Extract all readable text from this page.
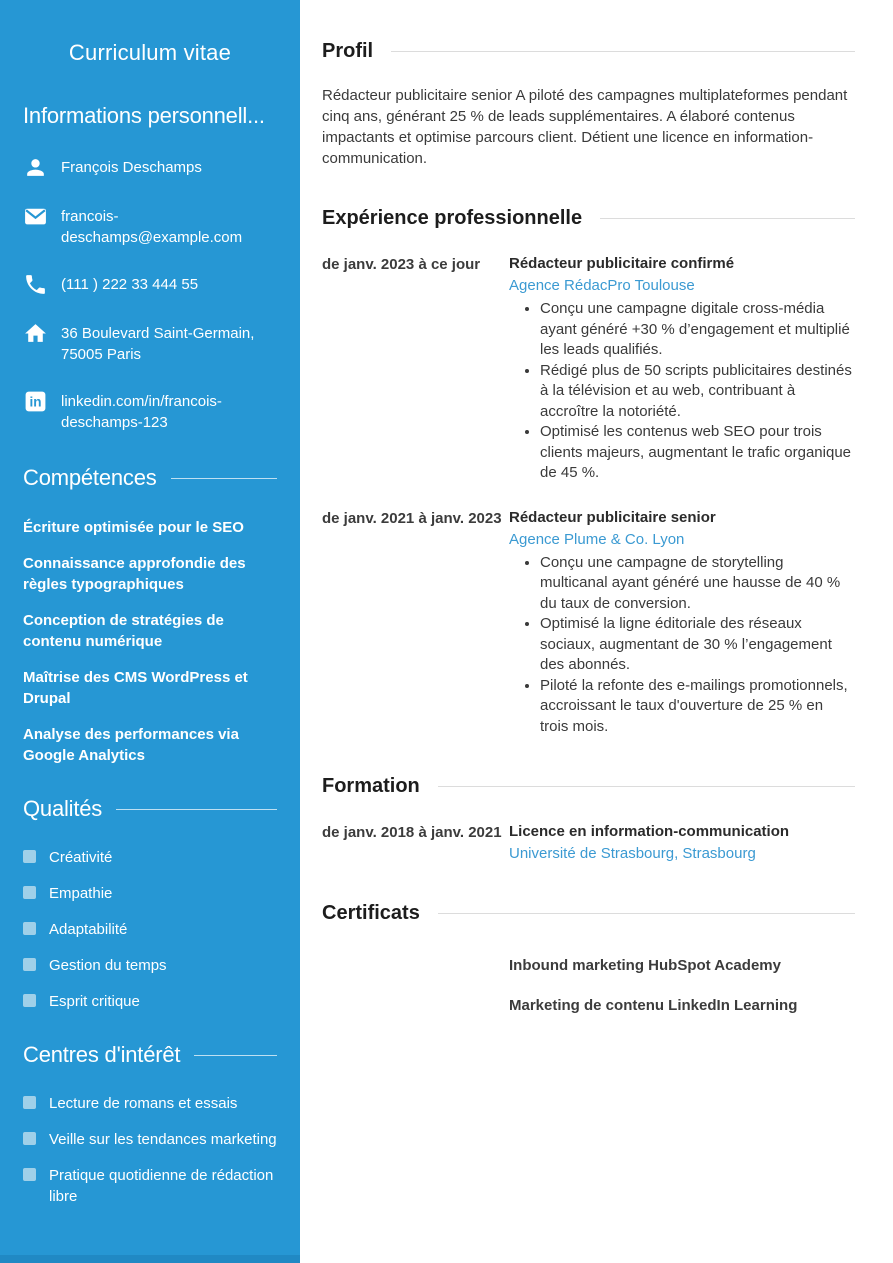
Curriculum vitae
Informations personnell...
François Deschamps
francois-deschamps@example.com
(111 ) 222 33 444 55
36 Boulevard Saint-Germain, 75005 Paris
in linkedin.com/in/francois-deschamps-123
Compétences
Écriture optimisée pour le SEO
Connaissance approfondie des règles typographiques
Conception de stratégies de contenu numérique
Maîtrise des CMS WordPress et Drupal
Analyse des performances via Google Analytics
Qualités
Créativité
Empathie
Adaptabilité
Gestion du temps
Esprit critique
Centres d'intérêt
Lecture de romans et essais
Veille sur les tendances marketing
Pratique quotidienne de rédaction libre
Profil

Rédacteur publicitaire senior A piloté des campagnes multiplateformes pendant cinq ans, générant 25 % de leads supplémentaires. A élaboré contenus impactants et optimise parcours client. Détient une licence en information-communication.

Expérience professionnelle
de janv. 2023 à ce jour	Rédacteur publicitaire confirmé
Agence RédacPro Toulouse
• Conçu une campagne digitale cross-média ayant généré +30 % d’engagement et multiplié les leads qualifiés.
• Rédigé plus de 50 scripts publicitaires destinés à la télévision et au web, contribuant à accroître la notoriété.
• Optimisé les contenus web SEO pour trois clients majeurs, augmentant le trafic organique de 45 %.
de janv. 2021 à janv. 2023 Rédacteur publicitaire senior
Agence Plume & Co. Lyon
• Conçu une campagne de storytelling multicanal ayant généré une hausse de 40 % du taux de conversion.
• Optimisé la ligne éditoriale des réseaux sociaux, augmentant de 30 % l’engagement des abonnés.
• Piloté la refonte des e-mailings promotionnels, accroissant le taux d'ouverture de 25 % en trois mois.
Formation
de janv. 2018 à janv. 2021 Licence en information-communication
Université de Strasbourg, Strasbourg
Certificats
Inbound marketing HubSpot Academy
Marketing de contenu LinkedIn Learning
